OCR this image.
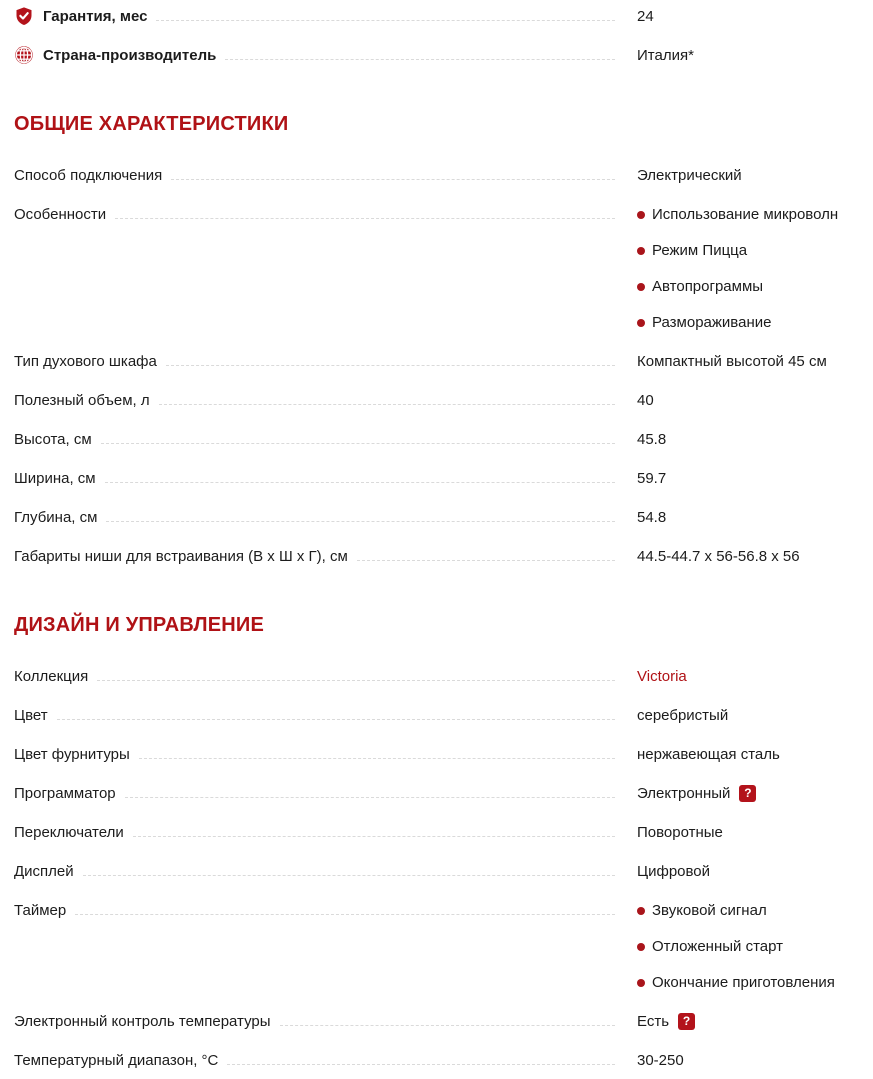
Гарантия, мес	24
Страна-производитель	Италия*
ОБЩИЕ ХАРАКТЕРИСТИКИ
Способ подключения	Электрический
Особенности	Использование микроволн
Режим Пицца
Автопрограммы
Размораживание
Тип духового шкафа	Компактный высотой 45 см
Полезный объем, л	40
Высота, см	45.8
Ширина, см	59.7
Глубина, см	54.8
Габариты ниши для встраивания (В х Ш х Г), см	44.5-44.7 x 56-56.8 x 56
ДИЗАЙН И УПРАВЛЕНИЕ
Коллекция	Victoria
Цвет	серебристый
Цвет фурнитуры	нержавеющая сталь
Программатор	Электронный ?
Переключатели	Поворотные
Дисплей	Цифровой
Таймер	Звуковой сигнал
Отложенный старт
Окончание приготовления
Электронный контроль температуры	Есть ?
Температурный диапазон, °С	30-250
